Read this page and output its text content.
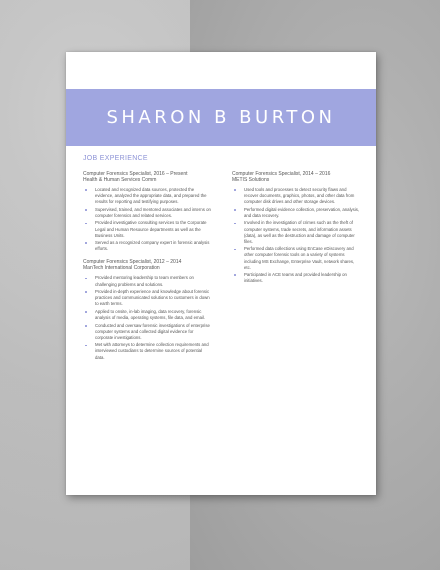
SHARON B BURTON
JOB EXPERIENCE
Computer Forensics Specialist, 2016 – Present
Health & Human Services Comm
Located and recognized data sources, protected the evidence, analyzed the appropriate data, and prepared the results for reporting and testifying purposes.
Supervised, trained, and mentored associates and interns on computer forensics and related services.
Provided investigative consulting services to the Corporate Legal and Human Resource departments as well as the Business Units.
Served as a recognized company expert in forensic analysis efforts.
Computer Forensics Specialist, 2012 – 2014
ManTech International Corporation
Provided mentoring leadership to team members on challenging problems and solutions.
Provided in-depth experience and knowledge about forensic practices and communicated solutions to customers in down to earth terms.
Applied to onsite, in-lab imaging, data recovery, forensic analysis of media, operating systems, file data, and email.
Conducted and oversaw forensic investigations of enterprise computer systems and collected digital evidence for corporate investigations.
Met with attorneys to determine collection requirements and interviewed custodians to determine sources of potential data.
Computer Forensics Specialist, 2014 – 2016
METIS Solutions
Used tools and processes to detect security flaws and recover documents, graphics, photos, and other data from computer disk drives and other storage devices.
Performed digital evidence collection, preservation, analysis, and data recovery.
Involved in the investigation of crimes such as the theft of computer systems, trade secrets, and information assets (data), as well as the destruction and damage of computer files.
Performed data collections using EnCase eDiscovery and other computer forensic tools on a variety of systems including MS Exchange, Enterprise Vault, network shares, etc.
Participated in ACE teams and provided leadership on initiatives.
